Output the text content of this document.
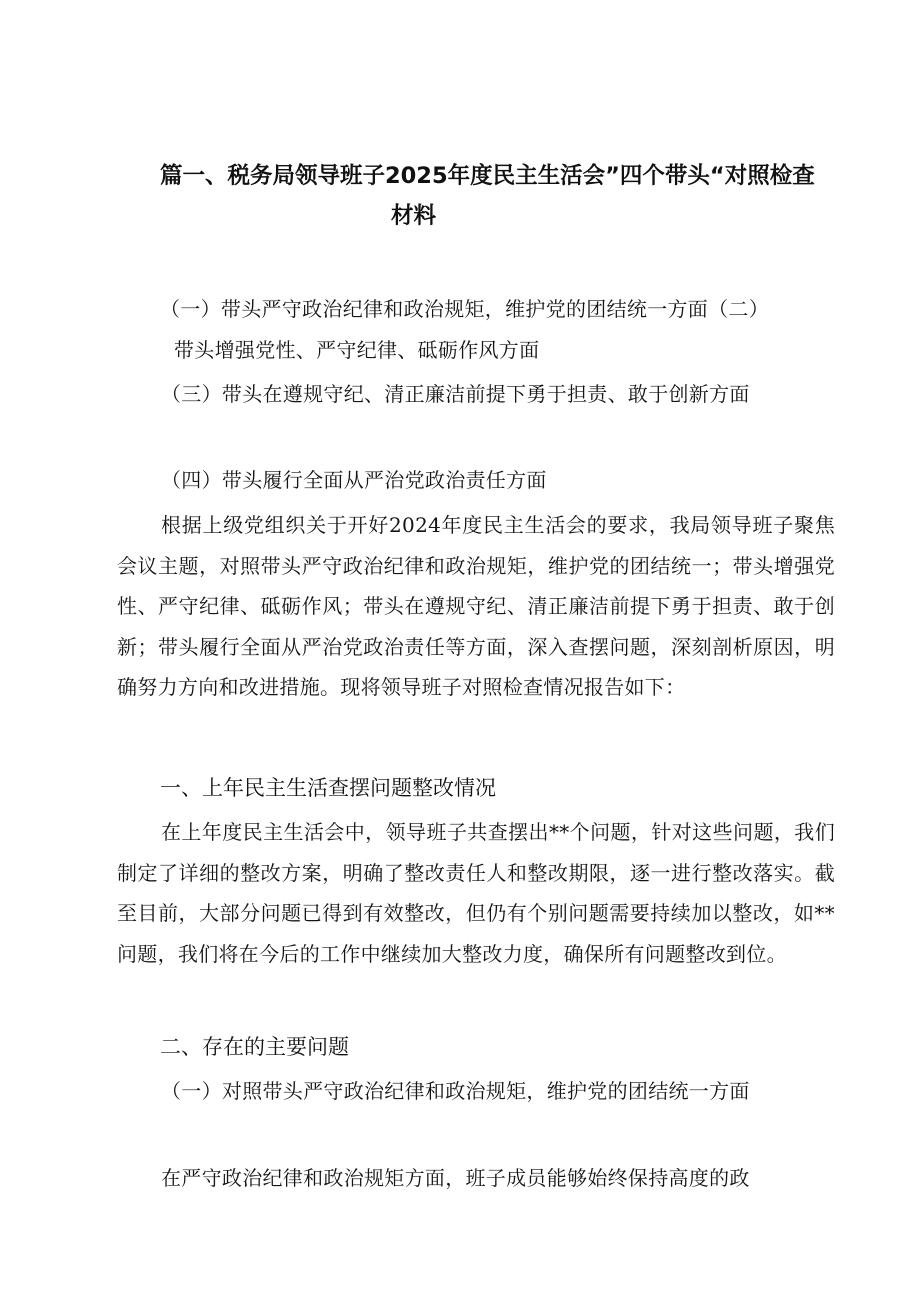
篇一、税务局领导班子2025年度民主生活会”四个带头“对照检查
材料
（一）带头严守政治纪律和政治规矩，维护党的团结统一方面（二）
带头增强党性、严守纪律、砥砺作风方面
（三）带头在遵规守纪、清正廉洁前提下勇于担责、敢于创新方面
（四）带头履行全面从严治党政治责任方面
根据上级党组织关于开好2024年度民主生活会的要求，我局领导班子聚焦会议主题，对照带头严守政治纪律和政治规矩，维护党的团结统一；带头增强党性、严守纪律、砥砺作风；带头在遵规守纪、清正廉洁前提下勇于担责、敢于创新；带头履行全面从严治党政治责任等方面，深入查摆问题，深刻剖析原因，明确努力方向和改进措施。现将领导班子对照检查情况报告如下：
一、上年民主生活查摆问题整改情况
在上年度民主生活会中，领导班子共查摆出**个问题，针对这些问题，我们制定了详细的整改方案，明确了整改责任人和整改期限，逐一进行整改落实。截至目前，大部分问题已得到有效整改，但仍有个别问题需要持续加以整改，如**问题，我们将在今后的工作中继续加大整改力度，确保所有问题整改到位。
二、存在的主要问题
（一）对照带头严守政治纪律和政治规矩，维护党的团结统一方面
在严守政治纪律和政治规矩方面，班子成员能够始终保持高度的政
